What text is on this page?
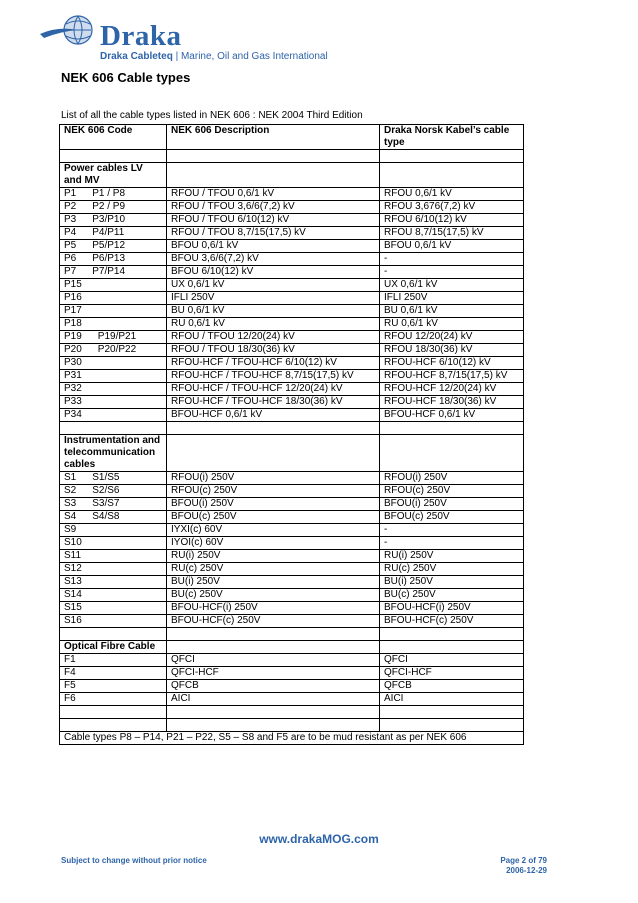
Draka
Draka Cableteq | Marine, Oil and Gas International
NEK 606 Cable types
List of all the cable types listed in NEK 606 : NEK 2004 Third Edition
NEK 606 Code	NEK 606 Description	Draka Norsk Kabel’s cable type

Power cables LV and MV		
P1 P1 / P8	RFOU / TFOU 0,6/1 kV	RFOU 0,6/1 kV
P2 P2 / P9	RFOU / TFOU 3,6/6(7,2) kV	RFOU 3,676(7,2) kV
P3 P3/P10	RFOU / TFOU 6/10(12) kV	RFOU 6/10(12) kV
P4 P4/P11	RFOU / TFOU 8,7/15(17,5) kV	RFOU 8,7/15(17,5) kV
P5 P5/P12	BFOU 0,6/1 kV	BFOU 0,6/1 kV
P6 P6/P13	BFOU 3,6/6(7,2) kV	-
P7 P7/P14	BFOU 6/10(12) kV	-
P15	UX 0,6/1 kV	UX 0,6/1 kV
P16	IFLI 250V	IFLI 250V
P17	BU 0,6/1 kV	BU 0,6/1 kV
P18	RU 0,6/1 kV	RU 0,6/1 kV
P19 P19/P21	RFOU / TFOU 12/20(24) kV	RFOU 12/20(24) kV
P20 P20/P22	RFOU / TFOU 18/30(36) kV	RFOU 18/30(36) kV
P30	RFOU-HCF / TFOU-HCF 6/10(12) kV	RFOU-HCF 6/10(12) kV
P31	RFOU-HCF / TFOU-HCF 8,7/15(17,5) kV	RFOU-HCF 8,7/15(17,5) kV
P32	RFOU-HCF / TFOU-HCF 12/20(24) kV	RFOU-HCF 12/20(24) kV
P33	RFOU-HCF / TFOU-HCF 18/30(36) kV	RFOU-HCF 18/30(36) kV
P34	BFOU-HCF 0,6/1 kV	BFOU-HCF 0,6/1 kV

Instrumentation and telecommunication cables		
S1 S1/S5	RFOU(i) 250V	RFOU(i) 250V
S2 S2/S6	RFOU(c) 250V	RFOU(c) 250V
S3 S3/S7	BFOU(i) 250V	BFOU(i) 250V
S4 S4/S8	BFOU(c) 250V	BFOU(c) 250V
S9	IYXI(c) 60V	-
S10	IYOI(c) 60V	-
S11	RU(i) 250V	RU(i) 250V
S12	RU(c) 250V	RU(c) 250V
S13	BU(i) 250V	BU(i) 250V
S14	BU(c) 250V	BU(c) 250V
S15	BFOU-HCF(i) 250V	BFOU-HCF(i) 250V
S16	BFOU-HCF(c) 250V	BFOU-HCF(c) 250V

Optical Fibre Cable		
F1	QFCI	QFCI
F4	QFCI-HCF	QFCI-HCF
F5	QFCB	QFCB
F6	AICI	AICI

Cable types P8 – P14, P21 – P22, S5 – S8 and F5 are to be mud resistant as per NEK 606		
www.drakaMOG.com
Subject to change without prior notice	Page 2 of 79
2006-12-29
